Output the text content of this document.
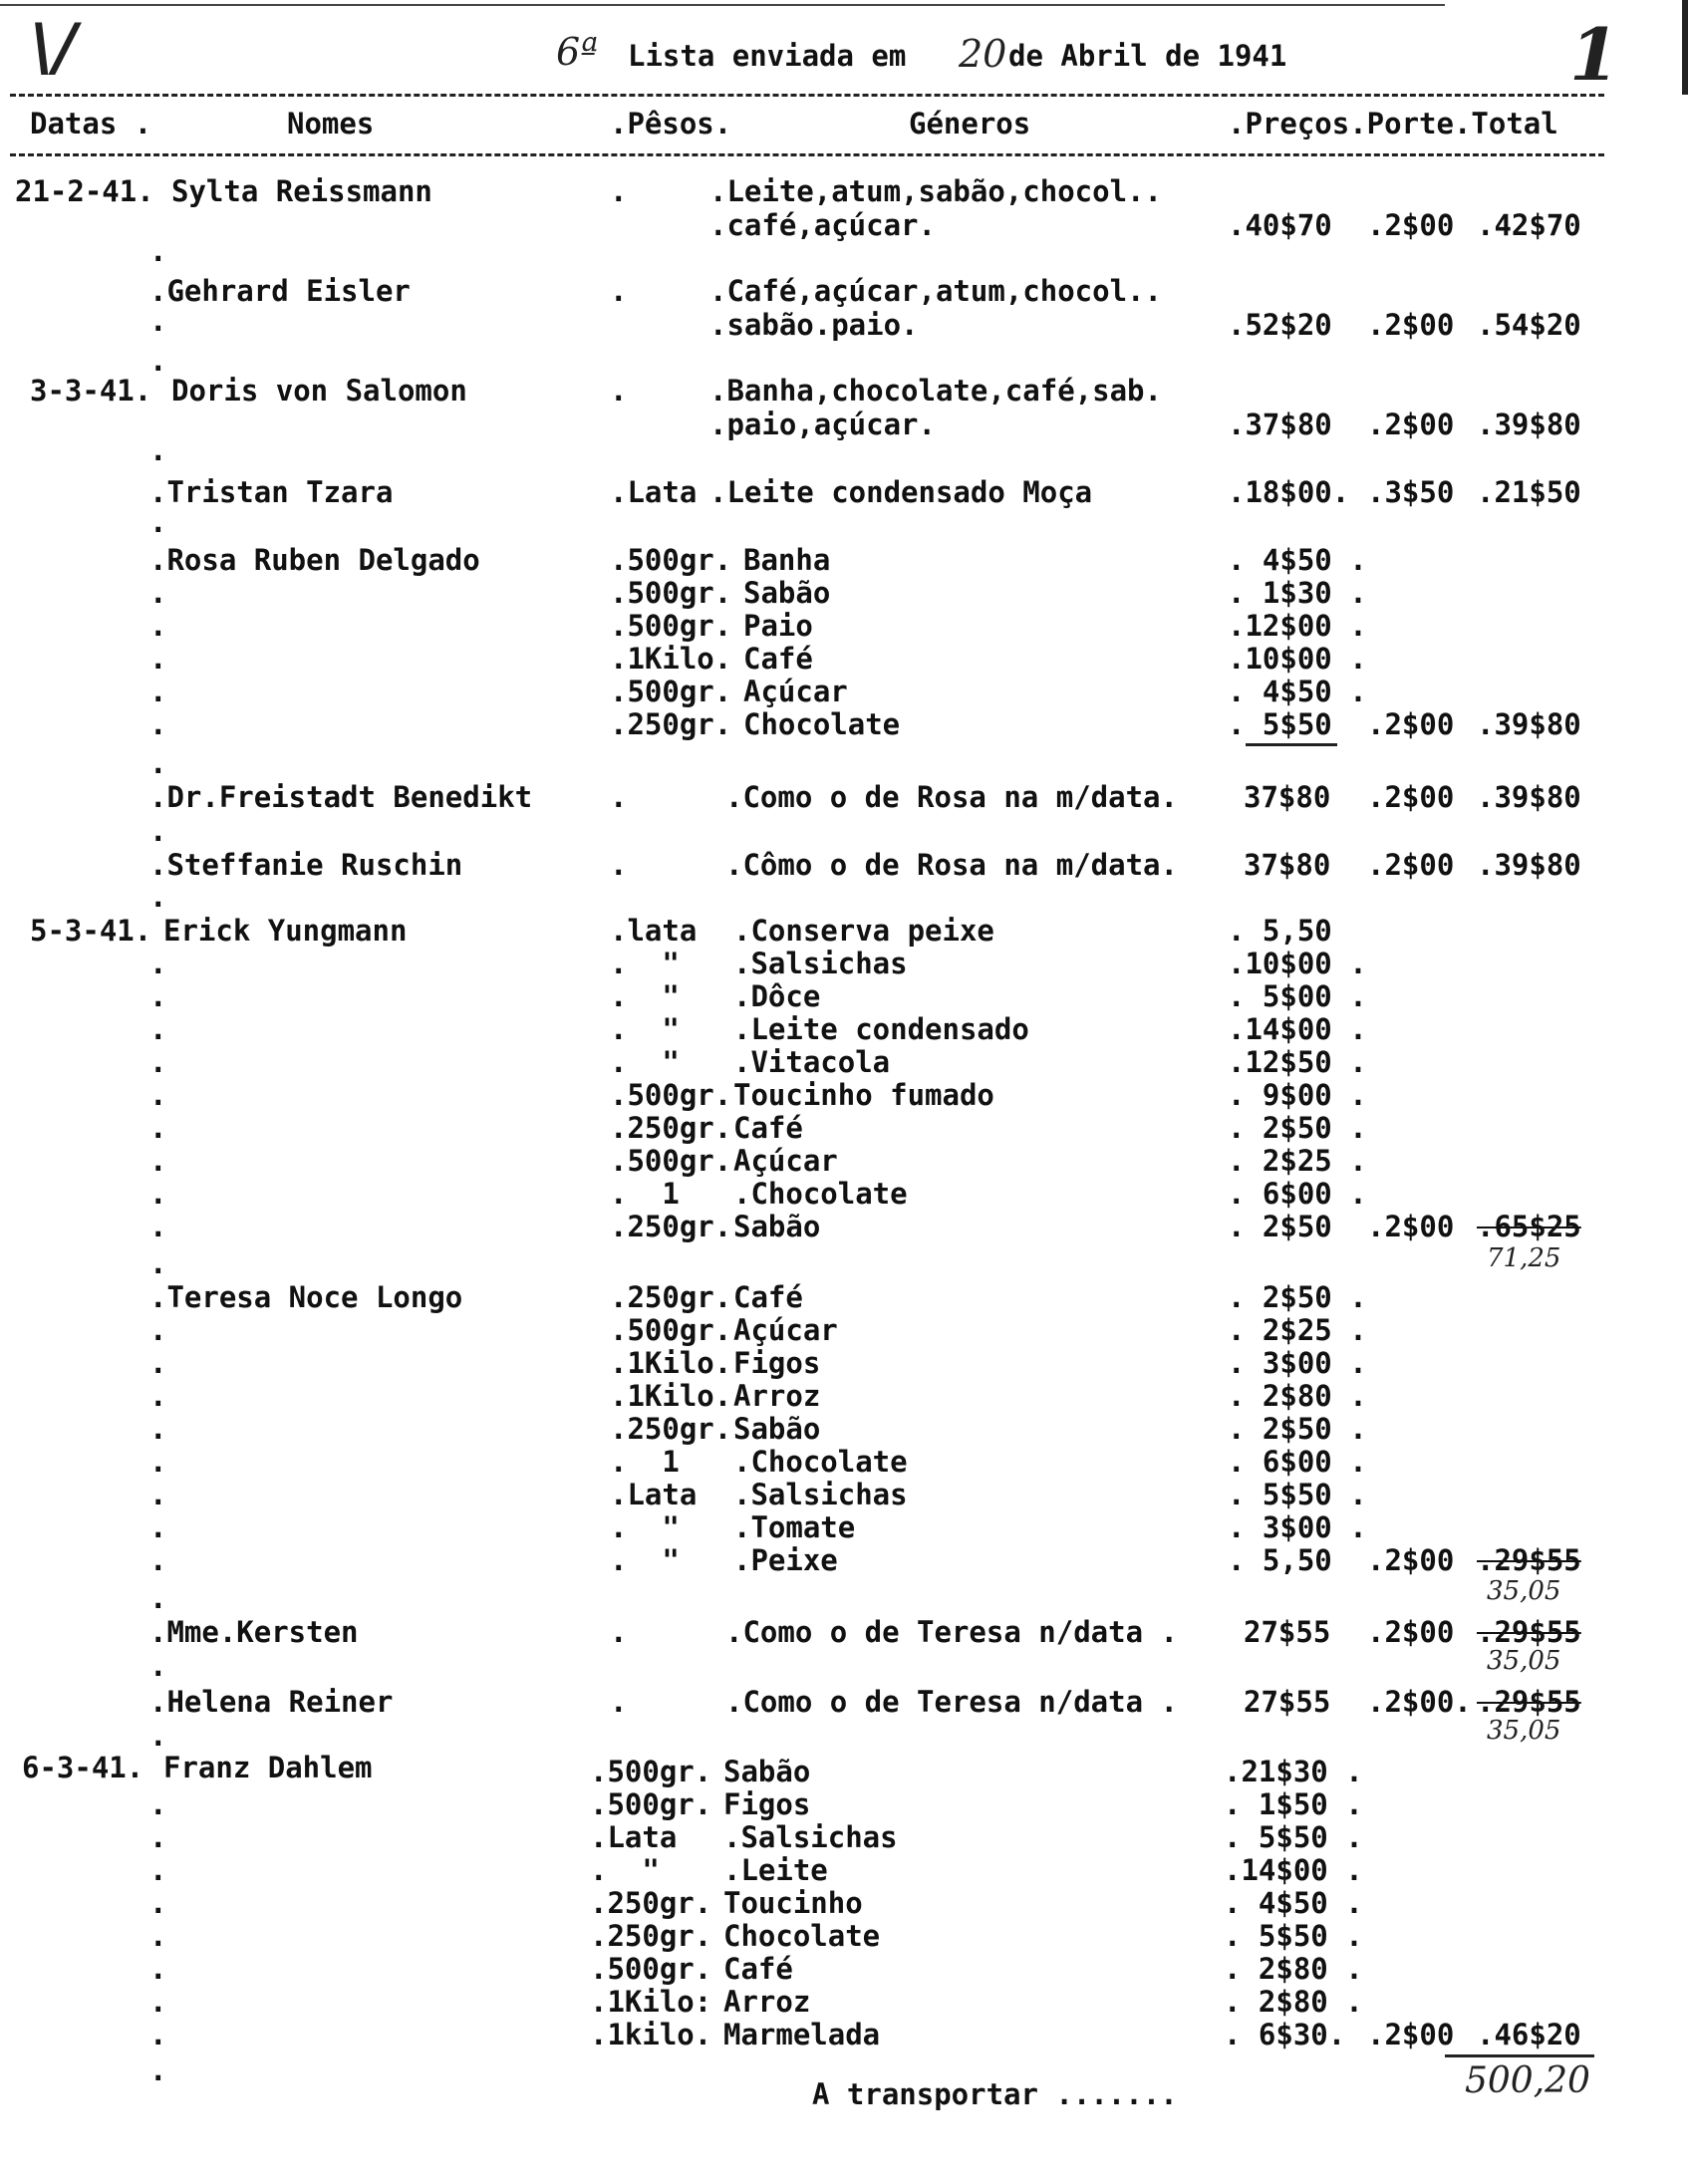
\/	6ª Lista enviada em 20 de Abril de 1941	1
Datas .	Nomes	.Pêsos.	Géneros	.Preços.Porte.Total
21-2-41. Sylta Reissmann	.	.Leite,atum,sabão,chocol..
.café,açúcar.	.40$70 .2$00 .42$70
.Gehrard Eisler	.	.Café,açúcar,atum,chocol..
.sabão.paio.	.52$20 .2$00 .54$20
3-3-41. Doris von Salomon	.	.Banha,chocolate,café,sab.
.paio,açúcar.	.37$80 .2$00 .39$80
.Tristan Tzara	.Lata .Leite condensado Moça	.18$00. .3$50 .21$50
.Rosa Ruben Delgado	.500gr. Banha	. 4$50 .
.500gr. Sabão	. 1$30 .
.500gr. Paio	.12$00 .
.1Kilo. Café	.10$00 .
.500gr. Açúcar	. 4$50 .
.250gr. Chocolate	. 5$50 .2$00 .39$80
.Dr.Freistadt Benedikt	.	.Como o de Rosa na m/data. 37$80 .2$00 .39$80
.Steffanie Ruschin	.	.Cômo o de Rosa na m/data. 37$80 .2$00 .39$80
5-3-41. Erick Yungmann	.lata .Conserva peixe	. 5,50
.  " .Salsichas	.10$00 .
.  " .Dôce	. 5$00 .
.  " .Leite condensado	.14$00 .
.  " .Vitacola	.12$50 .
.500gr. Toucinho fumado	. 9$00 .
.250gr. Café	. 2$50 .
.500gr. Açúcar	. 2$25 .
.  1 .Chocolate	. 6$00 .
.250gr. Sabão	. 2$50 .2$00 .65$25
71,25
.Teresa Noce Longo	.250gr. Café	. 2$50 .
.500gr. Açúcar	. 2$25 .
.1Kilo. Figos	. 3$00 .
.1Kilo. Arroz	. 2$80 .
.250gr. Sabão	. 2$50 .
.  1 .Chocolate	. 6$00 .
.Lata .Salsichas	. 5$50 .
.  " .Tomate	. 3$00 .
.  " .Peixe	. 5,50 .2$00 .29$55
35,05
.Mme.Kersten	.	.Como o de Teresa n/data . 27$55 .2$00 .29$55
35,05
.Helena Reiner	.	.Como o de Teresa n/data . 27$55 .2$00. .29$55
35,05
6-3-41. Franz Dahlem	.500gr. Sabão	.21$30 .
.500gr. Figos	. 1$50 .
.Lata .Salsichas	. 5$50 .
.  " .Leite	.14$00 .
.250gr. Toucinho	. 4$50 .
.250gr. Chocolate	. 5$50 .
.500gr. Café	. 2$80 .
.1Kilo: Arroz	. 2$80 .
.1kilo. Marmelada	. 6$30. .2$00 .46$20
.
.
.
.
.
.
.
.
.
.
.
.
.
.
.
.
.
.
.
.
.
.
.
.
.
.
.
.
.
.
.
.
.
.
.
.
.
.
.
.
.
.
.
A transportar .......	500,20
